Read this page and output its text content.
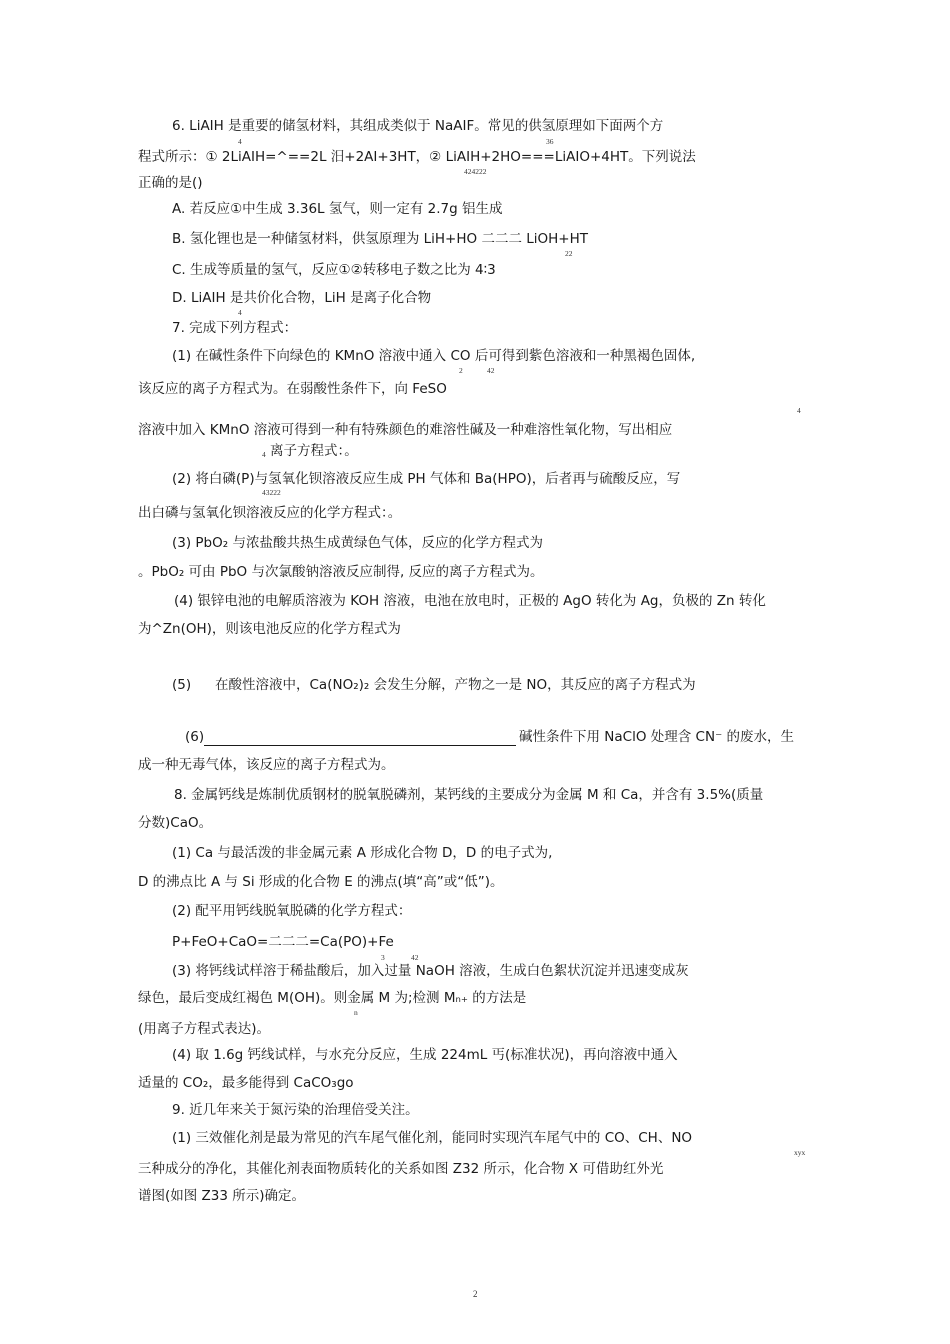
6. LiAIH 是重要的储氢材料，其组成类似于 NaAIF。常见的供氢原理如下面两个方
4	36
程式所示：① 2LiAIH=^==2L 汨+2AI+3HT，② LiAIH+2HO===LiAIO+4HT。下列说法
424222
正确的是()
A. 若反应①中生成 3.36L 氢气，则一定有 2.7g 铝生成
B. 氢化锂也是一种储氢材料，供氢原理为 LiH+HO 二二二 LiOH+HT
22
C. 生成等质量的氢气，反应①②转移电子数之比为 4∶3
D. LiAIH 是共价化合物，LiH 是离子化合物
4
7. 完成下列方程式：
(1) 在碱性条件下向绿色的 KMnO 溶液中通入 CO 后可得到紫色溶液和一种黑褐色固体,
2	42
该反应的离子方程式为。在弱酸性条件下，向 FeSO
4
溶液中加入 KMnO 溶液可得到一种有特殊颜色的难溶性碱及一种难溶性氧化物，写出相应
4 离子方程式：。
(2) 将白磷(P)与氢氧化钡溶液反应生成 PH 气体和 Ba(HPO)，后者再与硫酸反应，写
43222
出白磷与氢氧化钡溶液反应的化学方程式：。
(3) PbO₂ 与浓盐酸共热生成黄绿色气体，反应的化学方程式为
。PbO₂ 可由 PbO 与次氯酸钠溶液反应制得, 反应的离子方程式为。
(4) 银锌电池的电解质溶液为 KOH 溶液，电池在放电时，正极的 AgO 转化为 Ag，负极的 Zn 转化
为^Zn(OH)，则该电池反应的化学方程式为
(5) 在酸性溶液中，Ca(NO₂)₂ 会发生分解，产物之一是 NO，其反应的离子方程式为
(6)	碱性条件下用 NaClO 处理含 CN⁻ 的废水，生
成一种无毒气体，该反应的离子方程式为。
8. 金属钙线是炼制优质钢材的脱氧脱磷剂，某钙线的主要成分为金属 M 和 Ca，并含有 3.5%(质量
分数)CaO。
(1) Ca 与最活泼的非金属元素 A 形成化合物 D，D 的电子式为,
D 的沸点比 A 与 Si 形成的化合物 E 的沸点(填“高”或“低”)。
(2) 配平用钙线脱氧脱磷的化学方程式：
P+FeO+CaO=二二二=Ca(PO)+Fe
3	42
(3) 将钙线试样溶于稀盐酸后，加入过量 NaOH 溶液，生成白色絮状沉淀并迅速变成灰
绿色，最后变成红褐色 M(OH)。则金属 M 为;检测 Mₙ₊ 的方法是
n
(用离子方程式表达)。
(4) 取 1.6g 钙线试样，与水充分反应，生成 224mL 丐(标准状况)，再向溶液中通入
适量的 CO₂，最多能得到 CaCO₃go
9. 近几年来关于氮污染的治理倍受关注。
(1) 三效催化剂是最为常见的汽车尾气催化剂，能同时实现汽车尾气中的 CO、CH、NO
xyx
三种成分的净化，其催化剂表面物质转化的关系如图 Z32 所示，化合物 X 可借助红外光
谱图(如图 Z33 所示)确定。
2
